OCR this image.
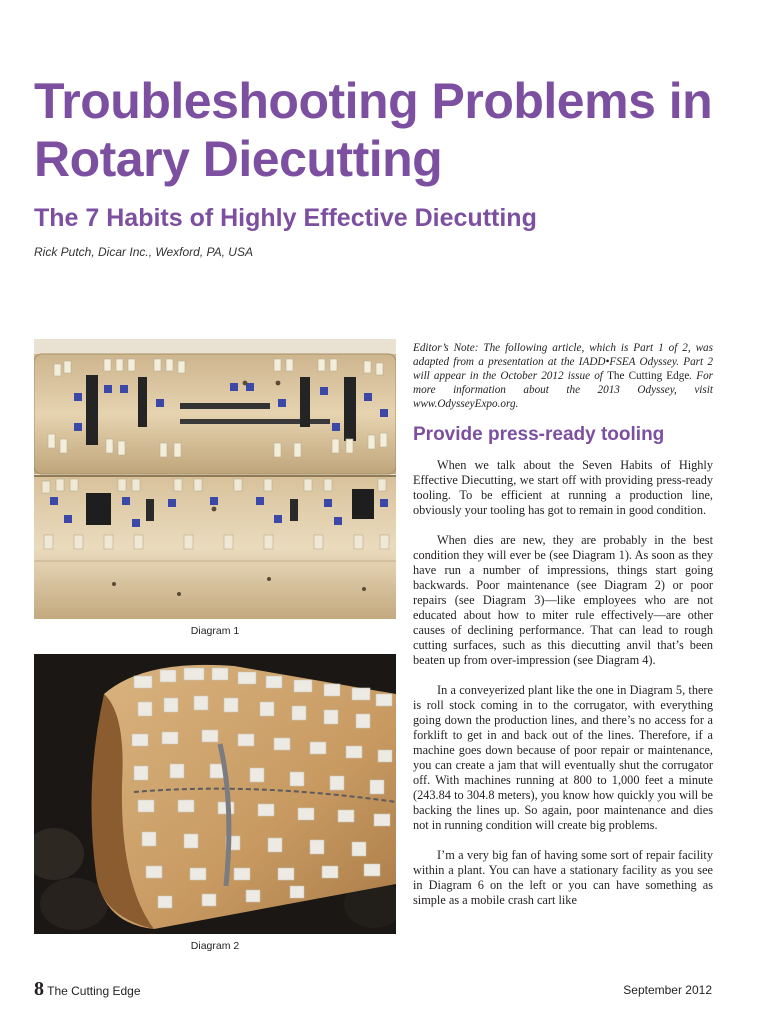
Troubleshooting Problems in Rotary Diecutting
The 7 Habits of Highly Effective Diecutting
Rick Putch, Dicar Inc., Wexford, PA, USA
Diagram 1
Diagram 2

Editor’s Note: The following article, which is Part 1 of 2, was adapted from a presentation at the IADD•FSEA Odyssey. Part 2 will appear in the October 2012 issue of The Cutting Edge. For more information about the 2013 Odyssey, visit www.OdysseyExpo.org.

Provide press-ready tooling

When we talk about the Seven Habits of Highly Effective Diecutting, we start off with providing press-ready tooling. To be efficient at running a production line, obviously your tooling has got to remain in good condition.

When dies are new, they are probably in the best condition they will ever be (see Diagram 1). As soon as they have run a number of impressions, things start going backwards. Poor maintenance (see Diagram 2) or poor repairs (see Diagram 3)—like employees who are not educated about how to miter rule effectively—are other causes of declining performance. That can lead to rough cutting surfaces, such as this diecutting anvil that’s been beaten up from over-impression (see Diagram 4).

In a conveyerized plant like the one in Diagram 5, there is roll stock coming in to the corrugator, with everything going down the production lines, and there’s no access for a forklift to get in and back out of the lines. Therefore, if a machine goes down because of poor repair or maintenance, you can create a jam that will eventually shut the corrugator off. With machines running at 800 to 1,000 feet a minute (243.84 to 304.8 meters), you know how quickly you will be backing the lines up. So again, poor maintenance and dies not in running condition will create big problems.

I’m a very big fan of having some sort of repair facility within a plant. You can have a stationary facility as you see in Diagram 6 on the left or you can have something as simple as a mobile crash cart like

8 The Cutting Edge	September 2012
